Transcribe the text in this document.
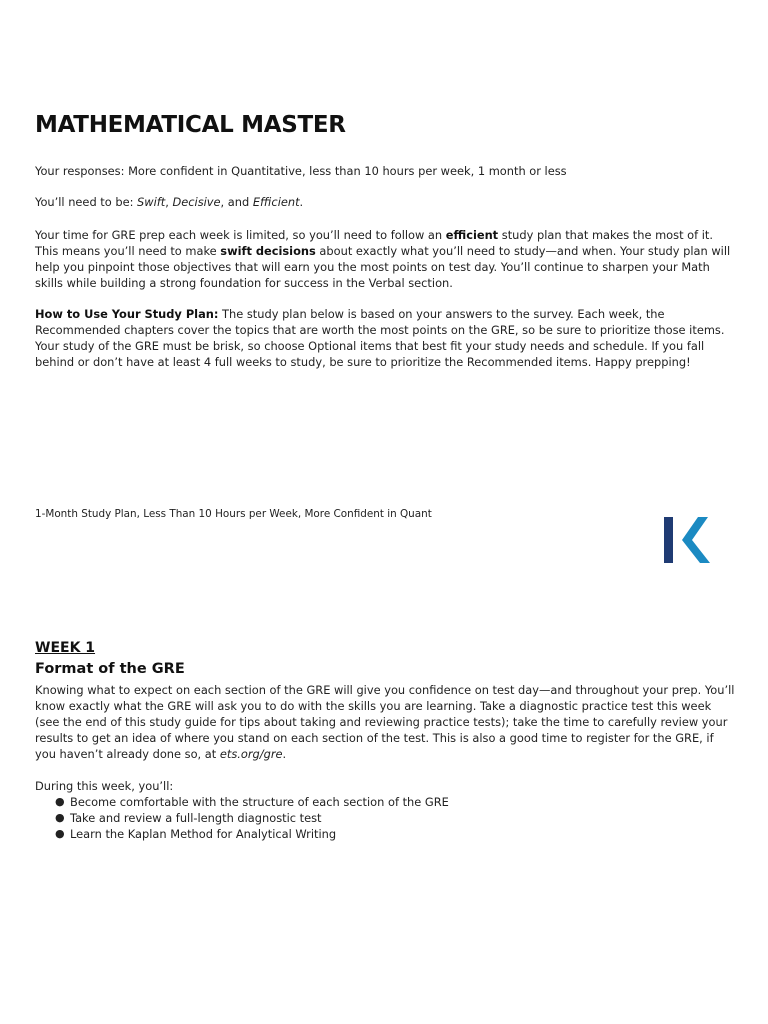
MATHEMATICAL MASTER

Your responses: More confident in Quantitative, less than 10 hours per week, 1 month or less

You’ll need to be: Swift, Decisive, and Efficient.

Your time for GRE prep each week is limited, so you’ll need to follow an efficient study plan that makes the most of it. This means you’ll need to make swift decisions about exactly what you’ll need to study—and when. Your study plan will help you pinpoint those objectives that will earn you the most points on test day. You’ll continue to sharpen your Math skills while building a strong foundation for success in the Verbal section.

How to Use Your Study Plan: The study plan below is based on your answers to the survey. Each week, the Recommended chapters cover the topics that are worth the most points on the GRE, so be sure to prioritize those items. Your study of the GRE must be brisk, so choose Optional items that best fit your study needs and schedule. If you fall behind or don’t have at least 4 full weeks to study, be sure to prioritize the Recommended items. Happy prepping!

1-Month Study Plan, Less Than 10 Hours per Week, More Confident in Quant

WEEK 1
Format of the GRE

Knowing what to expect on each section of the GRE will give you confidence on test day—and throughout your prep. You’ll know exactly what the GRE will ask you to do with the skills you are learning. Take a diagnostic practice test this week (see the end of this study guide for tips about taking and reviewing practice tests); take the time to carefully review your results to get an idea of where you stand on each section of the test. This is also a good time to register for the GRE, if you haven’t already done so, at ets.org/gre.

During this week, you’ll:

● Become comfortable with the structure of each section of the GRE
● Take and review a full-length diagnostic test
● Learn the Kaplan Method for Analytical Writing
